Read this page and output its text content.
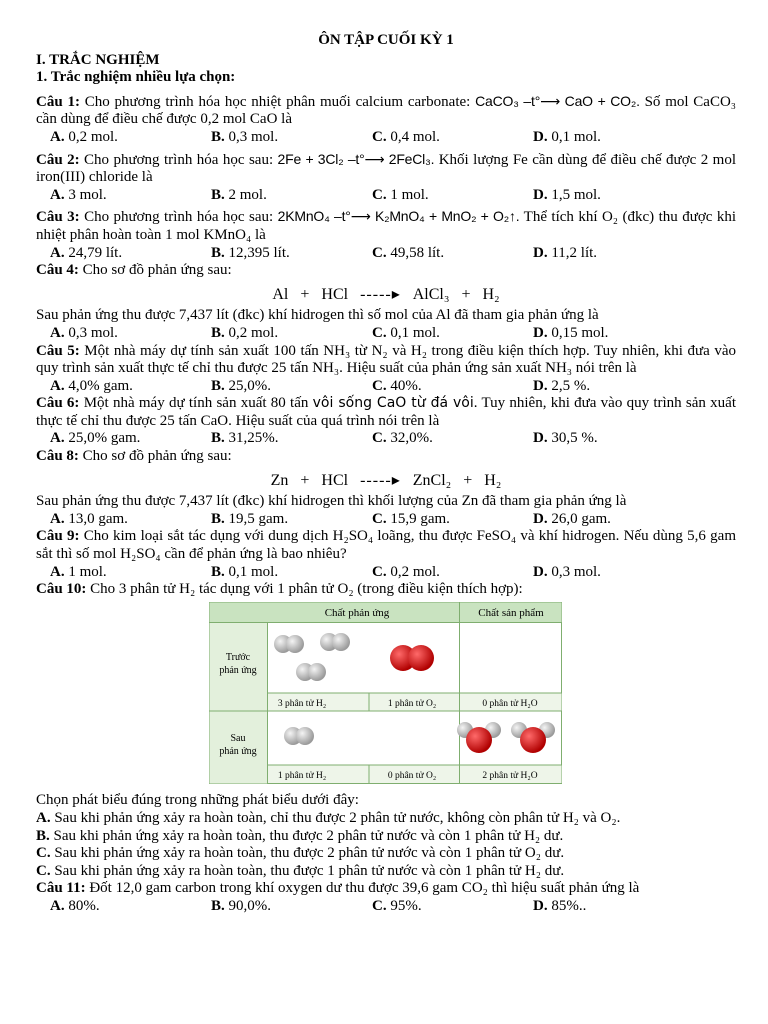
ÔN TẬP CUỐI KỲ 1
I. TRẮC NGHIỆM
1. Trắc nghiệm nhiều lựa chọn:
Câu 1: Cho phương trình hóa học nhiệt phân muối calcium carbonate: CaCO₃ –t°⟶ CaO + CO₂. Số mol CaCO₃ cần dùng để điều chế được 0,2 mol CaO là
A. 0,2 mol.	B. 0,3 mol.	C. 0,4 mol.	D. 0,1 mol.
Câu 2: Cho phương trình hóa học sau: 2Fe + 3Cl₂ –t°⟶ 2FeCl₃. Khối lượng Fe cần dùng để điều chế được 2 mol iron(III) chloride là
A. 3 mol.	B. 2 mol.	C. 1 mol.	D. 1,5 mol.
Câu 3: Cho phương trình hóa học sau: 2KMnO₄ –t°⟶ K₂MnO₄ + MnO₂ + O₂↑. Thể tích khí O₂ (đkc) thu được khi nhiệt phân hoàn toàn 1 mol KMnO₄ là
A. 24,79 lít.	B. 12,395 lít.	C. 49,58 lít.	D. 11,2 lít.
Câu 4: Cho sơ đồ phản ứng sau:
Al + HCl -----▸ AlCl₃ + H₂
Sau phản ứng thu được 7,437 lít (đkc) khí hidrogen thì số mol của Al đã tham gia phản ứng là
A. 0,3 mol.	B. 0,2 mol.	C. 0,1 mol.	D. 0,15 mol.
Câu 5: Một nhà máy dự tính sản xuất 100 tấn NH₃ từ N₂ và H₂ trong điều kiện thích hợp. Tuy nhiên, khi đưa vào quy trình sản xuất thực tế chỉ thu được 25 tấn NH₃. Hiệu suất của phản ứng sản xuất NH₃ nói trên là
A. 4,0% gam.	B. 25,0%.	C. 40%.	D. 2,5 %.
Câu 6: Một nhà máy dự tính sản xuất 80 tấn vôi sống CaO từ đá vôi. Tuy nhiên, khi đưa vào quy trình sản xuất thực tế chỉ thu được 25 tấn CaO. Hiệu suất của quá trình nói trên là
A. 25,0% gam.	B. 31,25%.	C. 32,0%.	D. 30,5 %.
Câu 8: Cho sơ đồ phản ứng sau:
Zn + HCl -----▸ ZnCl₂ + H₂
Sau phản ứng thu được 7,437 lít (đkc) khí hidrogen thì khối lượng của Zn đã tham gia phản ứng là
A. 13,0 gam.	B. 19,5 gam.	C. 15,9 gam.	D. 26,0 gam.
Câu 9: Cho kim loại sắt tác dụng với dung dịch H₂SO₄ loãng, thu được FeSO₄ và khí hidrogen. Nếu dùng 5,6 gam sắt thì số mol H₂SO₄ cần để phản ứng là bao nhiêu?
A. 1 mol.	B. 0,1 mol.	C. 0,2 mol.	D. 0,3 mol.
Câu 10: Cho 3 phân tử H₂ tác dụng với 1 phân tử O₂ (trong điều kiện thích hợp):
Chất phản ứng	Chất sản phẩm
Trước
phản ứng
Sau
phản ứng
3 phân tử H₂	1 phân tử O₂	0 phân tử H₂O
1 phân tử H₂	0 phân tử O₂	2 phân tử H₂O
Chọn phát biểu đúng trong những phát biểu dưới đây:
A. Sau khi phản ứng xảy ra hoàn toàn, chỉ thu được 2 phân tử nước, không còn phân tử H₂ và O₂.
B. Sau khi phản ứng xảy ra hoàn toàn, thu được 2 phân tử nước và còn 1 phân tử H₂ dư.
C. Sau khi phản ứng xảy ra hoàn toàn, thu được 2 phân tử nước và còn 1 phân tử O₂ dư.
C. Sau khi phản ứng xảy ra hoàn toàn, thu được 1 phân tử nước và còn 1 phân tử H₂ dư.
Câu 11: Đốt 12,0 gam carbon trong khí oxygen dư thu được 39,6 gam CO₂ thì hiệu suất phản ứng là
A. 80%.	B. 90,0%.	C. 95%.	D. 85%..
